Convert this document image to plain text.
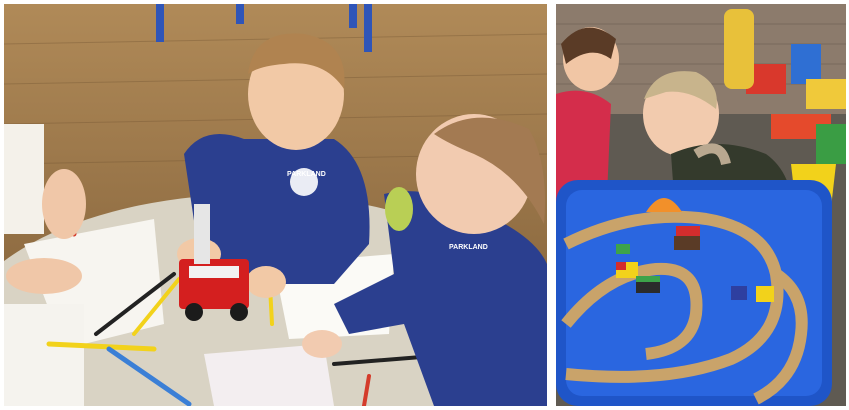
PARKLAND
PARKLAND
